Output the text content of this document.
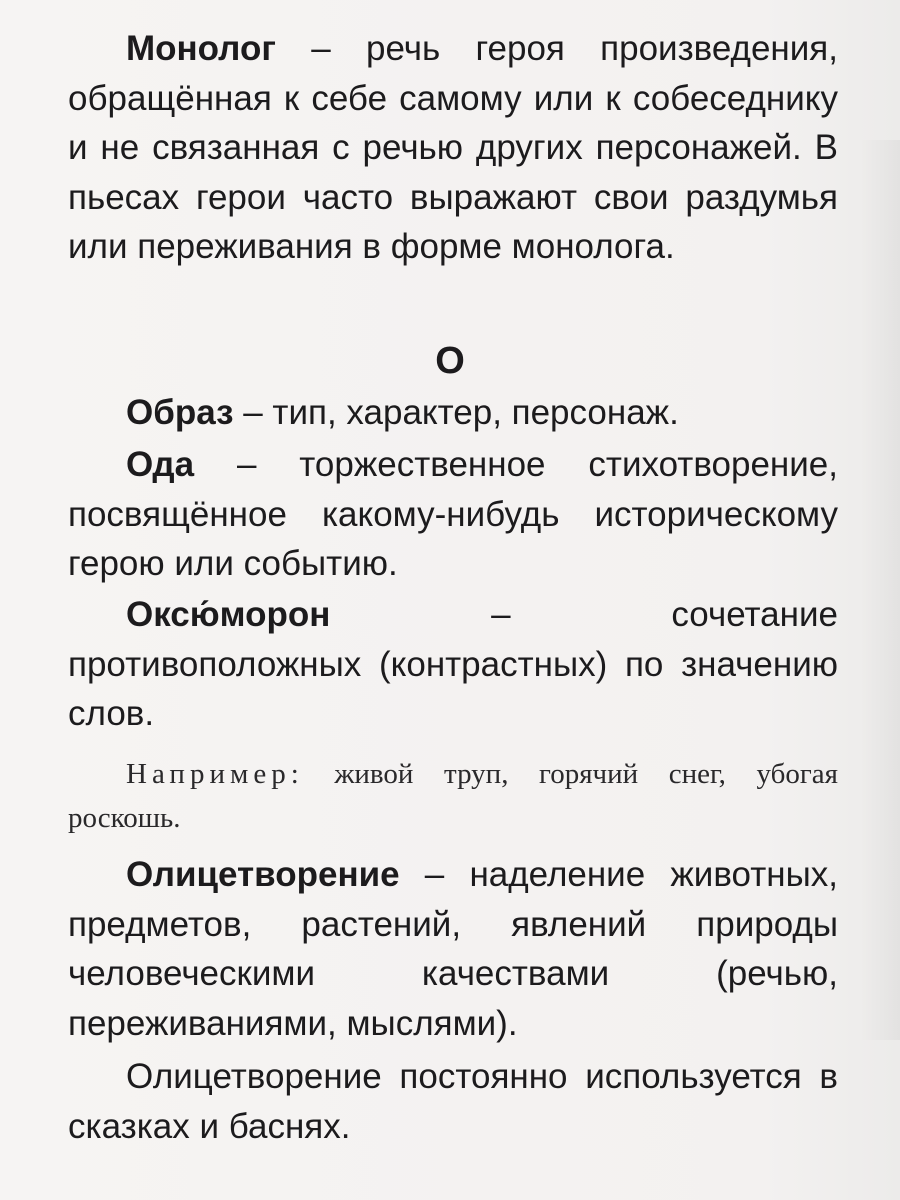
Монолог – речь героя произведения, обращённая к себе самому или к собеседнику и не связанная с речью других персонажей. В пьесах герои часто выражают свои раздумья или переживания в форме монолога.

О

Образ – тип, характер, персонаж.

Ода – торжественное стихотворение, посвящённое какому-нибудь историческому герою или событию.

Оксю́морон – сочетание противоположных (контрастных) по значению слов.

Например: живой труп, горячий снег, убогая роскошь.

Олицетворение – наделение животных, предметов, растений, явлений природы человеческими качествами (речью, переживаниями, мыслями).

Олицетворение постоянно используется в сказках и баснях.
